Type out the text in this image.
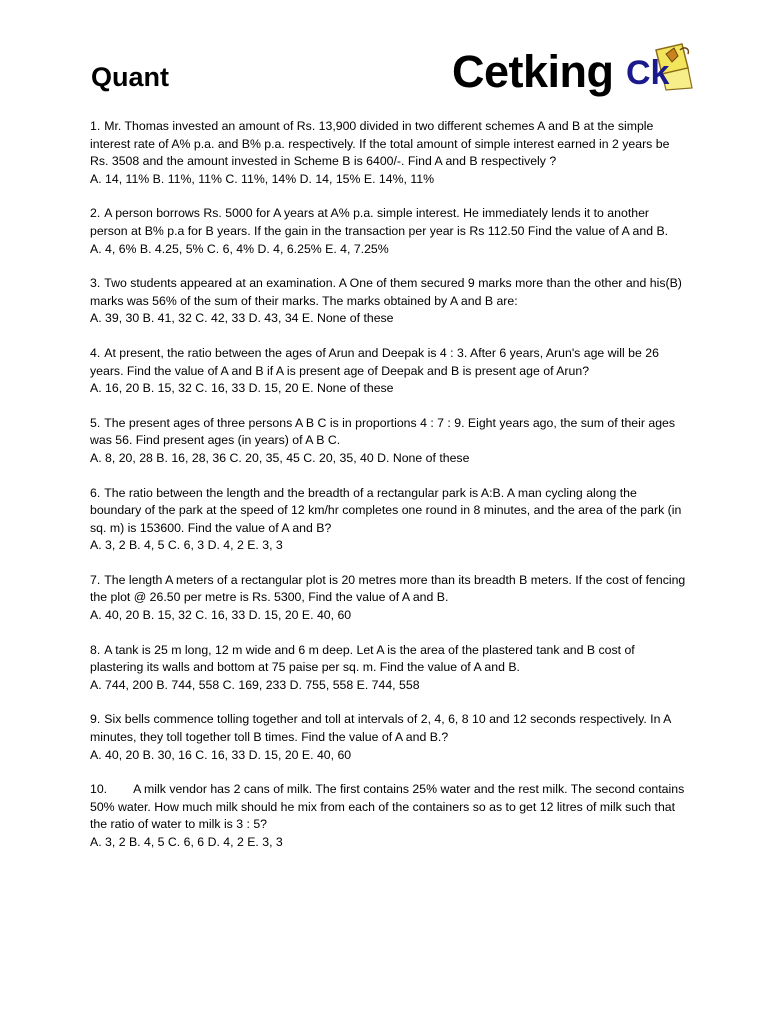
Quant	Cetking Ck
1. Mr. Thomas invested an amount of Rs. 13,900 divided in two different schemes A and B at the simple interest rate of A% p.a. and B% p.a. respectively. If the total amount of simple interest earned in 2 years be Rs. 3508 and the amount invested in Scheme B is 6400/-. Find A and B respectively ?
A. 14, 11% B. 11%, 11% C. 11%, 14% D. 14, 15% E. 14%, 11%
2. A person borrows Rs. 5000 for A years at A% p.a. simple interest. He immediately lends it to another person at B% p.a for B years. If the gain in the transaction per year is Rs 112.50 Find the value of A and B.
A. 4, 6% B. 4.25, 5% C. 6, 4% D. 4, 6.25% E. 4, 7.25%
3. Two students appeared at an examination. A One of them secured 9 marks more than the other and his(B) marks was 56% of the sum of their marks. The marks obtained by A and B are:
A. 39, 30 B. 41, 32 C. 42, 33 D. 43, 34 E. None of these
4. At present, the ratio between the ages of Arun and Deepak is 4 : 3. After 6 years, Arun's age will be 26 years. Find the value of A and B if A is present age of Deepak and B is present age of Arun?
A. 16, 20 B. 15, 32 C. 16, 33 D. 15, 20 E. None of these
5. The present ages of three persons A B C is in proportions 4 : 7 : 9. Eight years ago, the sum of their ages was 56. Find present ages (in years) of A B C.
A. 8, 20, 28 B. 16, 28, 36 C. 20, 35, 45 C. 20, 35, 40 D. None of these
6. The ratio between the length and the breadth of a rectangular park is A:B. A man cycling along the boundary of the park at the speed of 12 km/hr completes one round in 8 minutes, and the area of the park (in sq. m) is 153600. Find the value of A and B?
A. 3, 2 B. 4, 5 C. 6, 3 D. 4, 2 E. 3, 3
7. The length A meters of a rectangular plot is 20 metres more than its breadth B meters. If the cost of fencing the plot @ 26.50 per metre is Rs. 5300, Find the value of A and B.
A. 40, 20 B. 15, 32 C. 16, 33 D. 15, 20 E. 40, 60
8. A tank is 25 m long, 12 m wide and 6 m deep. Let A is the area of the plastered tank and B cost of plastering its walls and bottom at 75 paise per sq. m. Find the value of A and B.
A. 744, 200 B. 744, 558 C. 169, 233 D. 755, 558 E. 744, 558
9. Six bells commence tolling together and toll at intervals of 2, 4, 6, 8 10 and 12 seconds respectively. In A minutes, they toll together toll B times. Find the value of A and B.?
A. 40, 20 B. 30, 16 C. 16, 33 D. 15, 20 E. 40, 60
10. A milk vendor has 2 cans of milk. The first contains 25% water and the rest milk. The second contains 50% water. How much milk should he mix from each of the containers so as to get 12 litres of milk such that the ratio of water to milk is 3 : 5?
A. 3, 2 B. 4, 5 C. 6, 6 D. 4, 2 E. 3, 3
